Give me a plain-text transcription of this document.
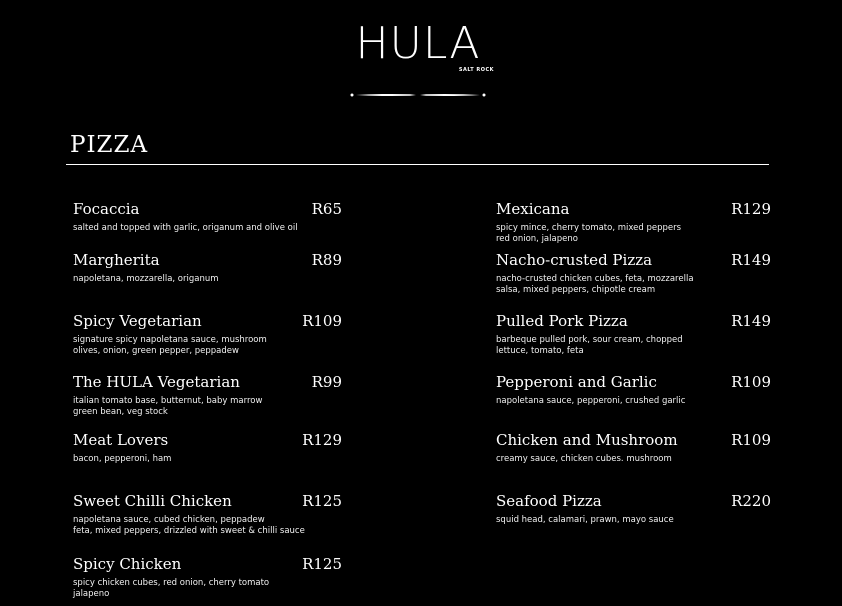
HULA
SALT ROCK
PIZZA
Focaccia	R65
salted and topped with garlic, origanum and olive oil
Margherita	R89
napoletana, mozzarella, origanum
Spicy Vegetarian	R109
signature spicy napoletana sauce, mushroom
olives, onion, green pepper, peppadew
The HULA Vegetarian	R99
italian tomato base, butternut, baby marrow
green bean, veg stock
Meat Lovers	R129
bacon, pepperoni, ham
Sweet Chilli Chicken	R125
napoletana sauce, cubed chicken, peppadew
feta, mixed peppers, drizzled with sweet & chilli sauce
Spicy Chicken	R125
spicy chicken cubes, red onion, cherry tomato
jalapeno
Mexicana	R129
spicy mince, cherry tomato, mixed peppers
red onion, jalapeno
Nacho-crusted Pizza	R149
nacho-crusted chicken cubes, feta, mozzarella
salsa, mixed peppers, chipotle cream
Pulled Pork Pizza	R149
barbeque pulled pork, sour cream, chopped
lettuce, tomato, feta
Pepperoni and Garlic	R109
napoletana sauce, pepperoni, crushed garlic
Chicken and Mushroom	R109
creamy sauce, chicken cubes. mushroom
Seafood Pizza	R220
squid head, calamari, prawn, mayo sauce
